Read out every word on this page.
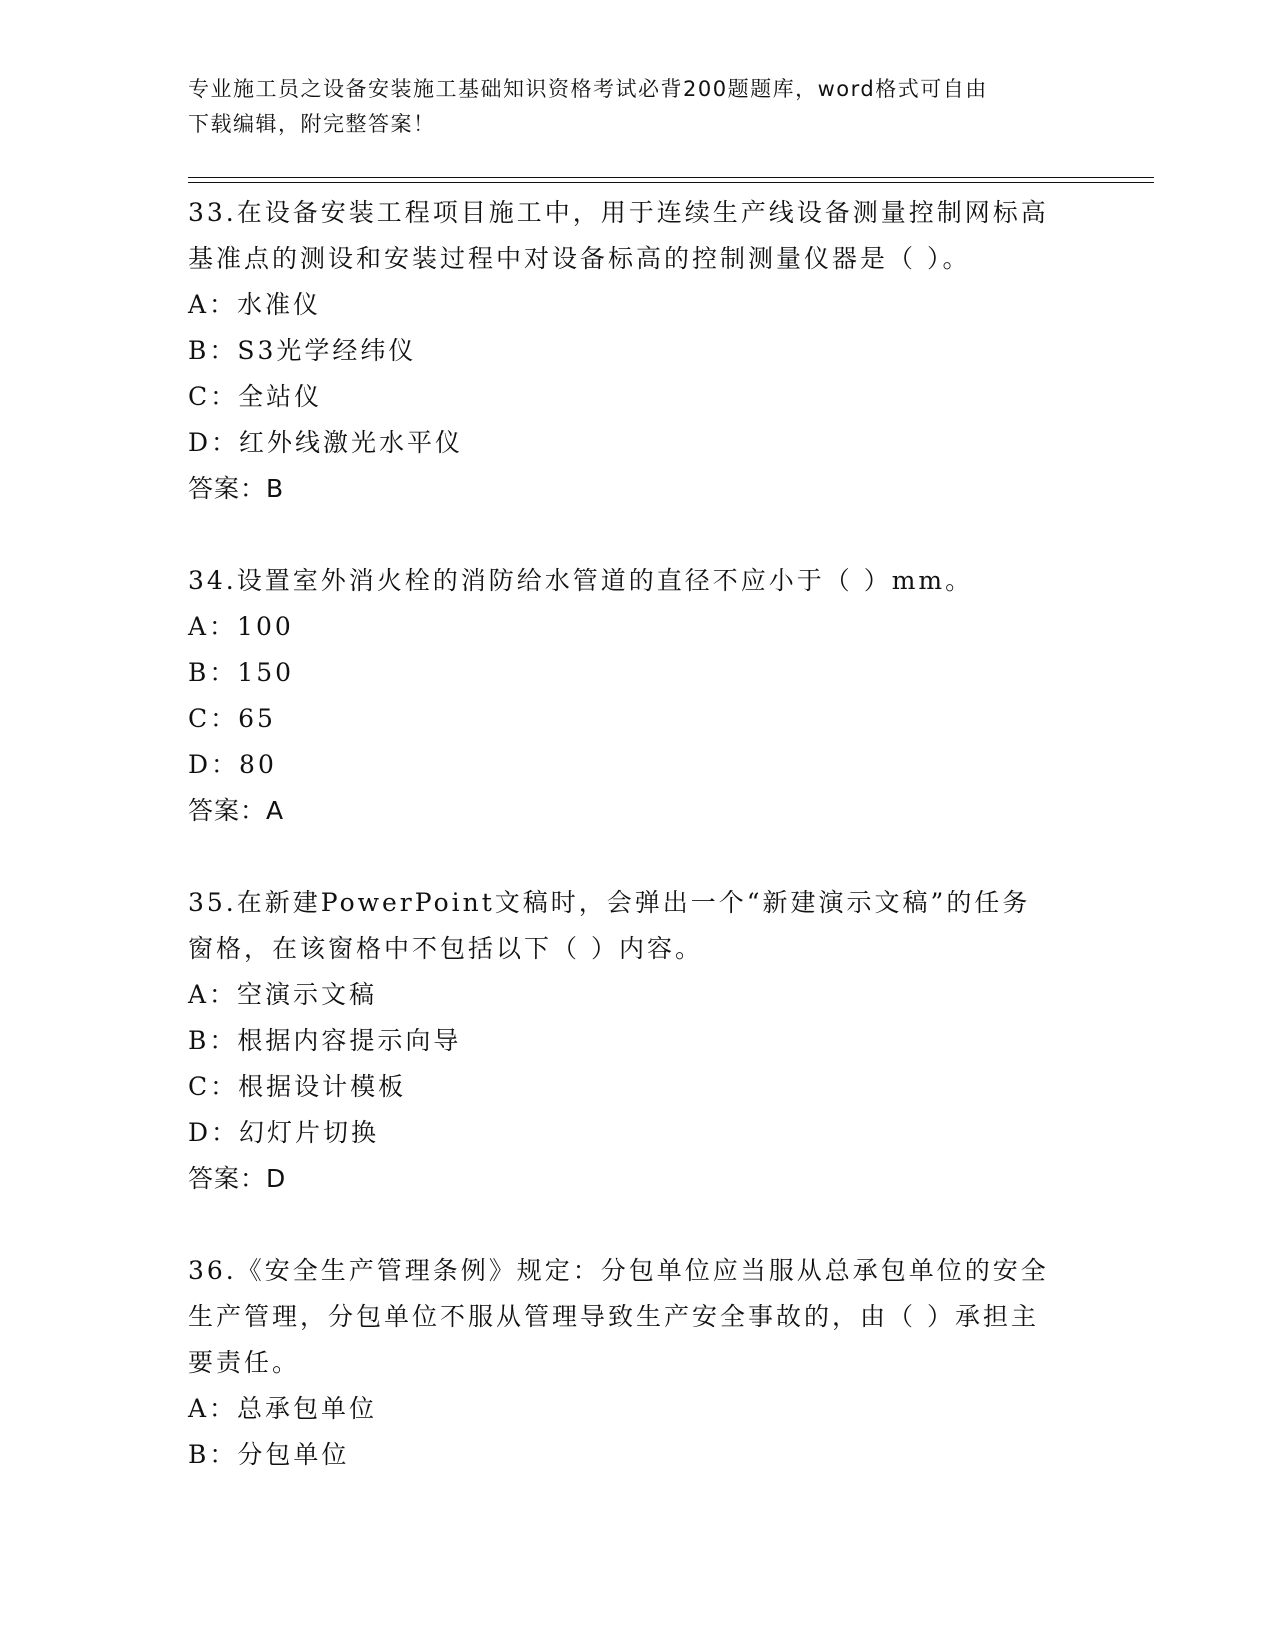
专业施工员之设备安装施工基础知识资格考试必背200题题库，word格式可自由
下载编辑，附完整答案！
33.在设备安装工程项目施工中，用于连续生产线设备测量控制网标高
基准点的测设和安装过程中对设备标高的控制测量仪器是（ ）。
A：水准仪
B：S3光学经纬仪
C：全站仪
D：红外线激光水平仪
答案：B
34.设置室外消火栓的消防给水管道的直径不应小于（ ）mm。
A：100
B：150
C：65
D：80
答案：A
35.在新建PowerPoint文稿时，会弹出一个“新建演示文稿”的任务
窗格，在该窗格中不包括以下（ ）内容。
A：空演示文稿
B：根据内容提示向导
C：根据设计模板
D：幻灯片切换
答案：D
36.《安全生产管理条例》规定：分包单位应当服从总承包单位的安全
生产管理，分包单位不服从管理导致生产安全事故的，由（ ）承担主
要责任。
A：总承包单位
B：分包单位
